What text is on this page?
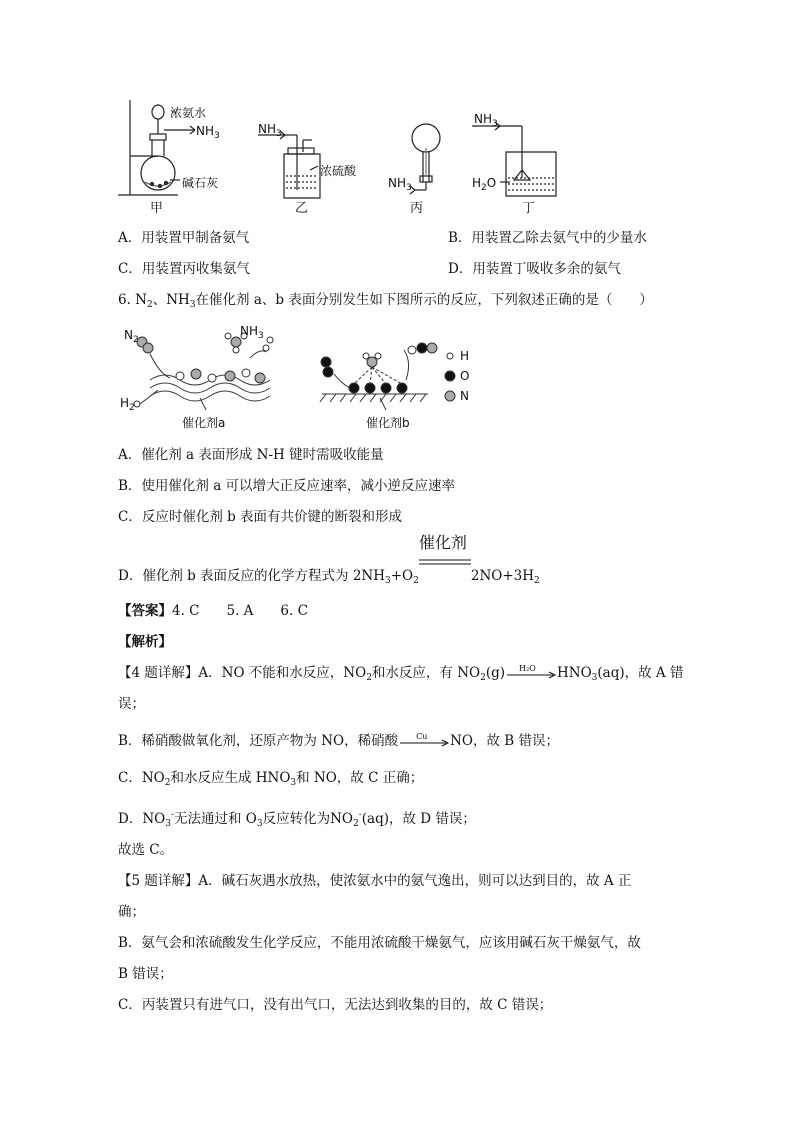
浓氨水
$NH_3$
碱石灰
甲
$NH_3$
浓硫酸
乙
$NH_3$
丙
$NH_3$
$H_2O$
丁
A．用装置甲制备氨气	B．用装置乙除去氨气中的少量水
C．用装置丙收集氨气	D．用装置丁吸收多余的氨气
6. $N_2$、$NH_3$在催化剂 a、b 表面分别发生如下图所示的反应，下列叙述正确的是（　　）
$N_2$
$NH_3$
$H_2$
催化剂a	催化剂b
H
O
N
A．催化剂 a 表面形成 N-H 键时需吸收能量
B．使用催化剂 a 可以增大正反应速率，减小逆反应速率
C．反应时催化剂 b 表面有共价键的断裂和形成
D．催化剂 b 表面反应的化学方程式为 $2NH_3+O_2$
催化剂
$2NO+3H_2$
【答案】4. C　　5. A　　6. C
【解析】
【4 题详解】A．NO 不能和水反应，$NO_2$和水反应，有 $NO_2(g)$ H₂O $HNO_3(aq)$，故 A 错
误；
B．稀硝酸做氧化剂，还原产物为 NO，稀硝酸 Cu NO，故 B 错误；
C．$NO_2$和水反应生成 $HNO_3$和 NO，故 C 正确；
D．$NO_3^-$无法通过和 $O_3$反应转化为$NO_2^-(aq)$，故 D 错误；
故选 C。
【5 题详解】A．碱石灰遇水放热，使浓氨水中的氨气逸出，则可以达到目的，故 A 正
确；
B．氨气会和浓硫酸发生化学反应，不能用浓硫酸干燥氨气，应该用碱石灰干燥氨气，故
B 错误；
C．丙装置只有进气口，没有出气口，无法达到收集的目的，故 C 错误；
